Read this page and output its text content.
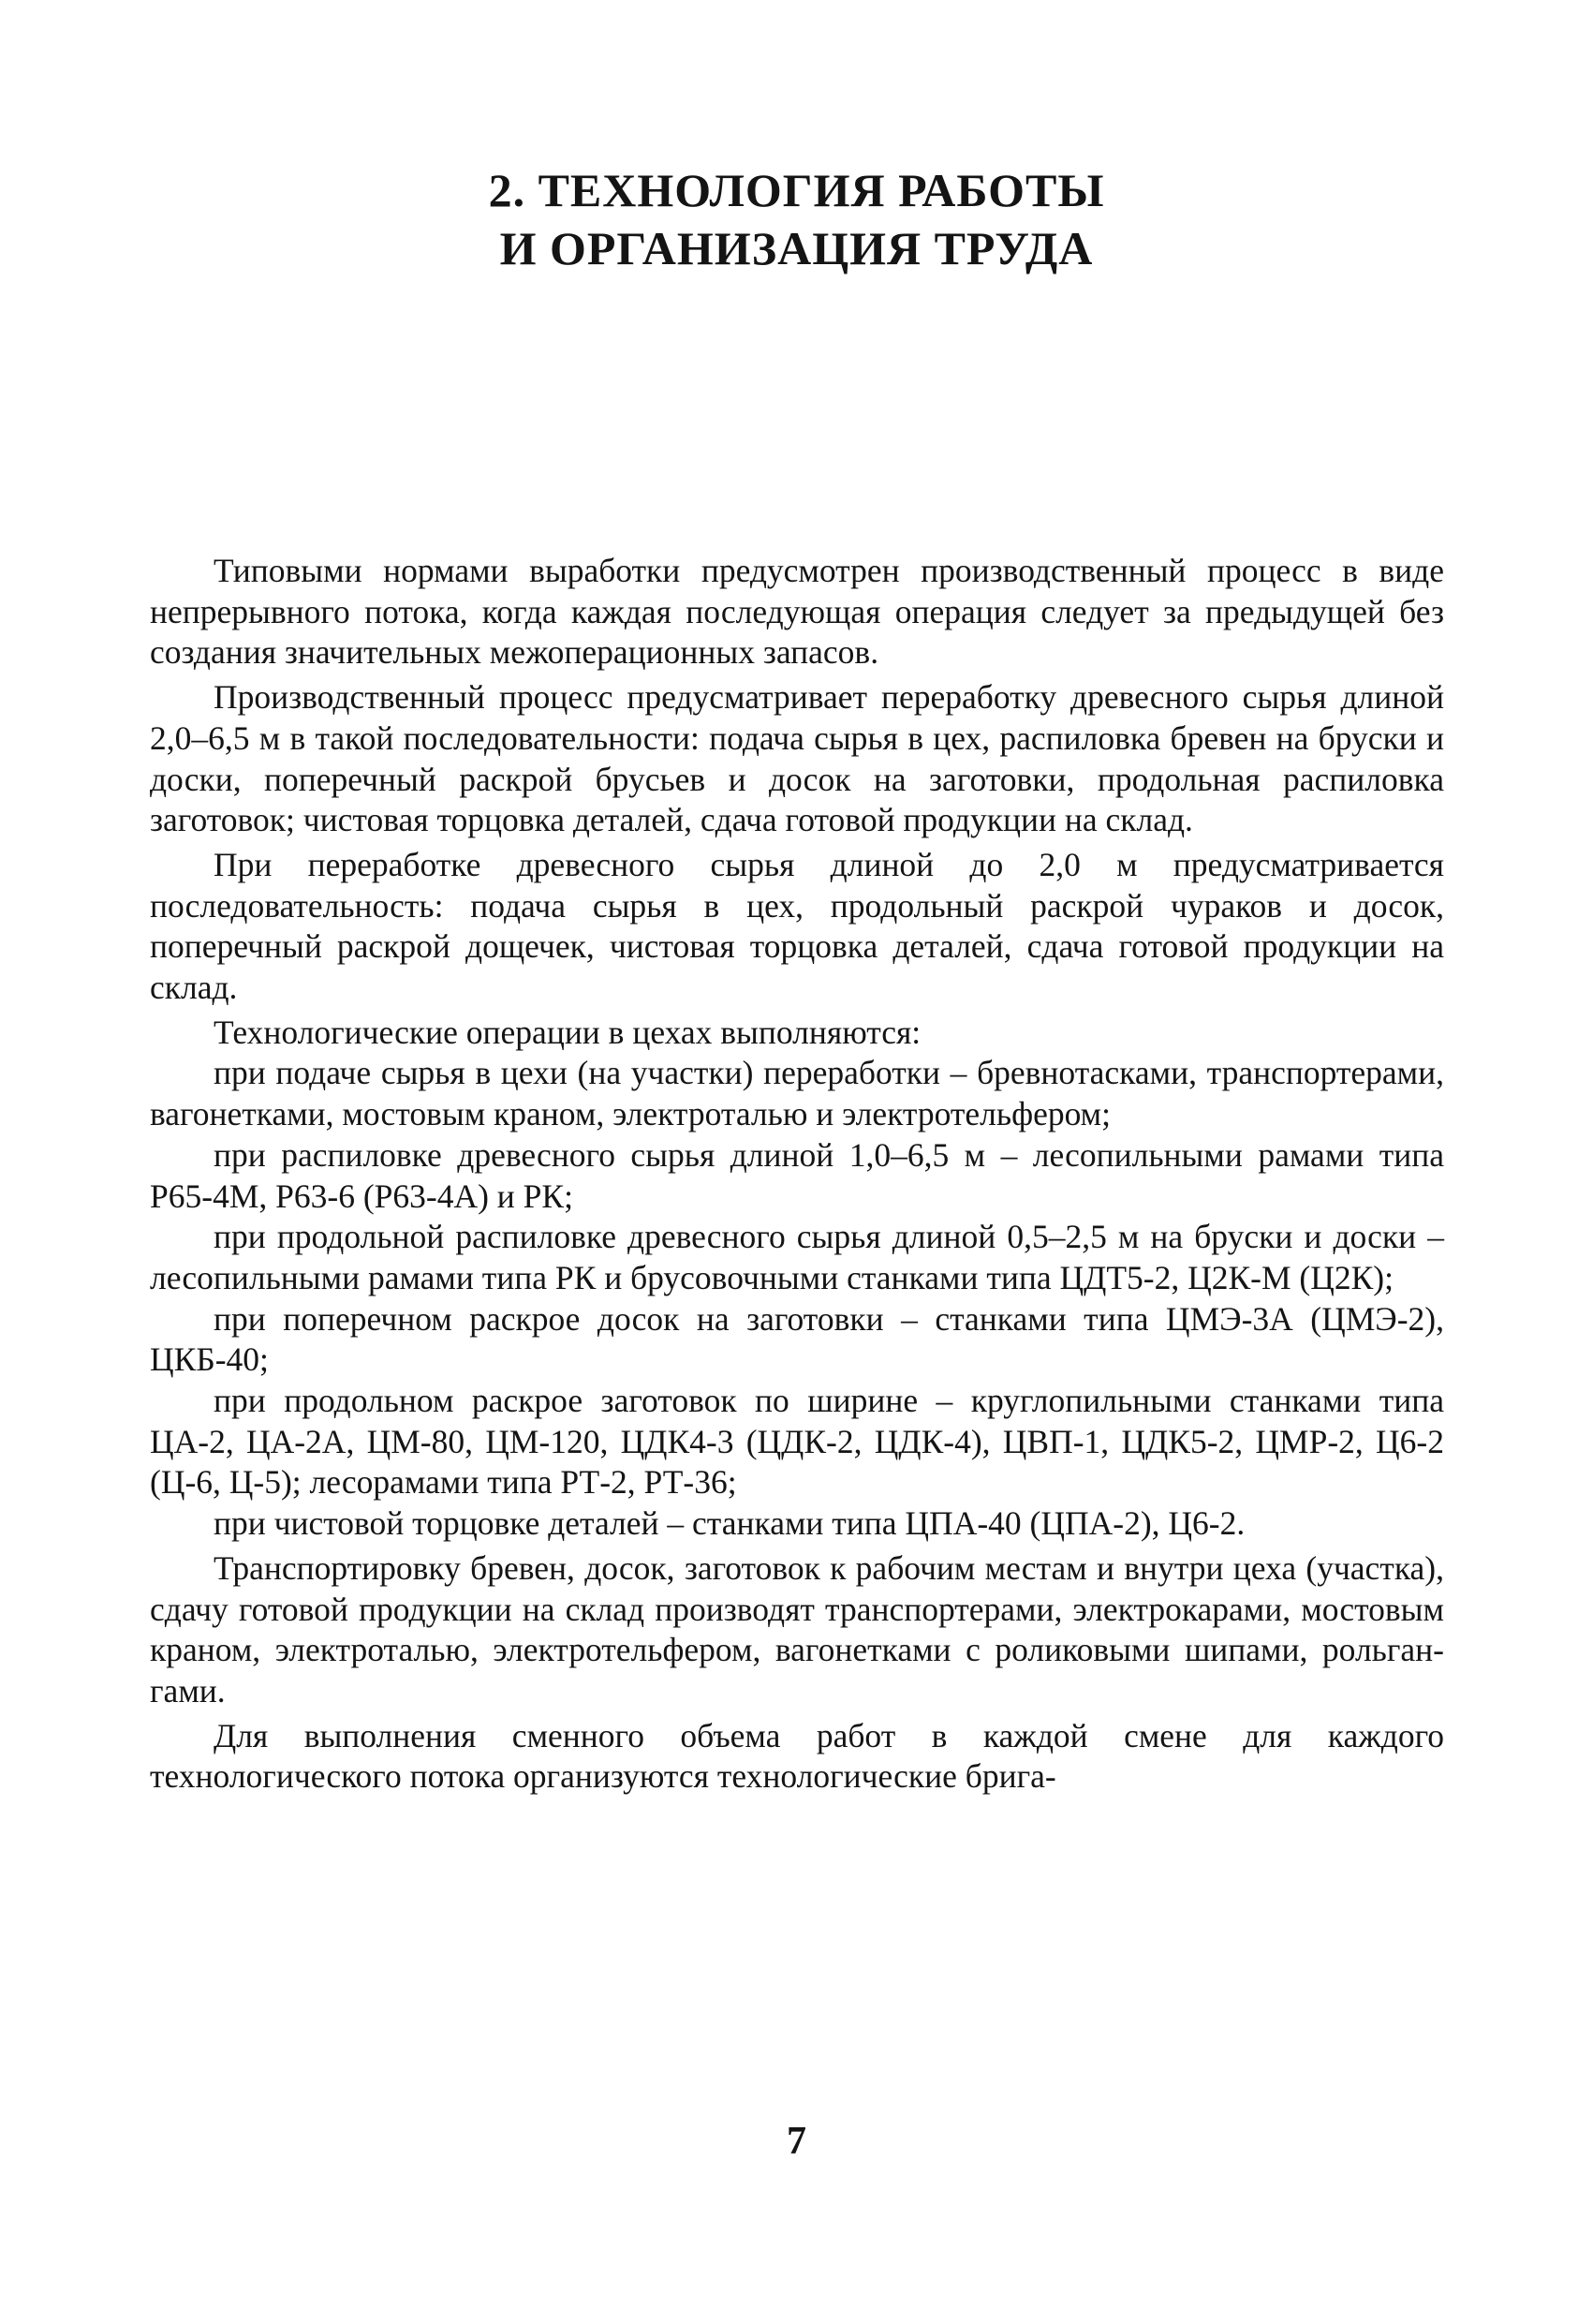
2. ТЕХНОЛОГИЯ РАБОТЫ
И ОРГАНИЗАЦИЯ ТРУДА

Типовыми нормами выработки предусмотрен производственный процесс в виде непрерывного потока, когда каждая последующая операция следует за предыдущей без создания значительных межоперационных запасов.

Производственный процесс предусматривает переработку древесного сырья длиной 2,0–6,5 м в такой последовательности: подача сырья в цех, распиловка бревен на бруски и доски, поперечный раскрой брусьев и досок на заготовки, продольная распиловка заготовок; чистовая торцовка деталей, сдача готовой продукции на склад.

При переработке древесного сырья длиной до 2,0 м предусматривается последовательность: подача сырья в цех, продольный раскрой чураков и досок, поперечный раскрой дощечек, чистовая торцовка деталей, сдача готовой продукции на склад.

Технологические операции в цехах выполняются:

при подаче сырья в цехи (на участки) переработки – бревнотасками, транспортерами, вагонетками, мостовым краном, электроталью и электротельфером;

при распиловке древесного сырья длиной 1,0–6,5 м – лесопильными рамами типа Р65-4М, Р63-6 (Р63-4А) и РК;

при продольной распиловке древесного сырья длиной 0,5–2,5 м на бруски и доски – лесопильными рамами типа РК и брусовочными станками типа ЦДТ5-2, Ц2К-М (Ц2К);

при поперечном раскрое досок на заготовки – станками типа ЦМЭ-3А (ЦМЭ-2), ЦКБ-40;

при продольном раскрое заготовок по ширине – круглопильными станками типа ЦА-2, ЦА-2А, ЦМ-80, ЦМ-120, ЦДК4-3 (ЦДК-2, ЦДК-4), ЦВП-1, ЦДК5-2, ЦМР-2, Ц6-2 (Ц-6, Ц-5); лесорамами типа РТ-2, РТ-36;

при чистовой торцовке деталей – станками типа ЦПА-40 (ЦПА-2), Ц6-2.

Транспортировку бревен, досок, заготовок к рабочим местам и внутри цеха (участка), сдачу готовой продукции на склад производят транспортерами, электрокарами, мостовым краном, электроталью, электротельфером, вагонетками с роликовыми шипами, рольгангами.

Для выполнения сменного объема работ в каждой смене для каждого технологического потока организуются технологические брига-

7
